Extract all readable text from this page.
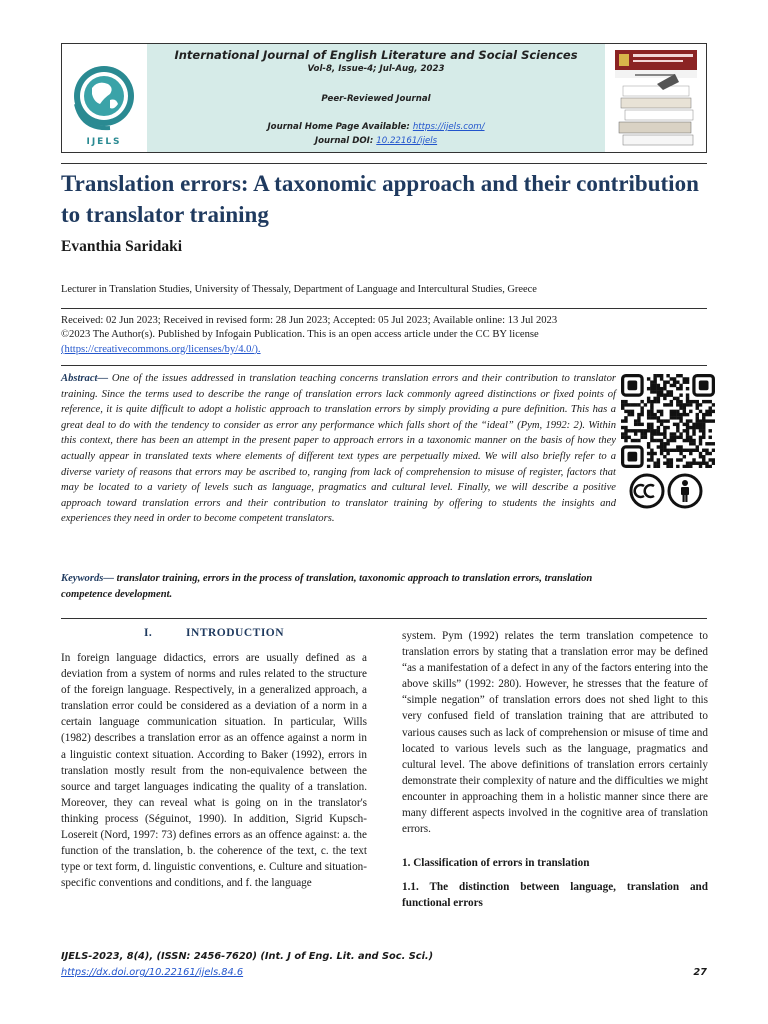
IJELS
International Journal of English Literature and Social Sciences
Vol-8, Issue-4; Jul-Aug, 2023
Peer-Reviewed Journal
Journal Home Page Available: https://ijels.com/
Journal DOI: 10.22161/ijels
Translation errors: A taxonomic approach and their contribution to translator training
Evanthia Saridaki
Lecturer in Translation Studies, University of Thessaly, Department of Language and Intercultural Studies, Greece
Received: 02 Jun 2023; Received in revised form: 28 Jun 2023; Accepted: 05 Jul 2023; Available online: 13 Jul 2023
©2023 The Author(s). Published by Infogain Publication. This is an open access article under the CC BY license
(https://creativecommons.org/licenses/by/4.0/).
Abstract— One of the issues addressed in translation teaching concerns translation errors and their contribution to translator training. Since the terms used to describe the range of translation errors lack commonly agreed distinctions or fixed points of reference, it is quite difficult to adopt a holistic approach to translation errors by simply providing a pure definition. This has a great deal to do with the tendency to consider as error any performance which falls short of the “ideal” (Pym, 1992: 2). Within this context, there has been an attempt in the present paper to approach errors in a taxonomic manner on the basis of how they actually appear in translated texts where elements of different text types are perpetually mixed. We will also briefly refer to a diverse variety of reasons that errors may be ascribed to, ranging from lack of comprehension to misuse of register, factors that may be located to a variety of levels such as language, pragmatics and cultural level. Finally, we will describe a positive approach toward translation errors and their contribution to translator training by offering to students the insights and experiences they need in order to become competent translators.
Keywords— translator training, errors in the process of translation, taxonomic approach to translation errors, translation competence development.
I.          INTRODUCTION
In foreign language didactics, errors are usually defined as a deviation from a system of norms and rules related to the structure of the foreign language. Respectively, in a generalized approach, a translation error could be considered as a deviation of a norm in a certain language communication situation. In particular, Wills (1982) describes a translation error as an offence against a norm in a linguistic context situation. According to Baker (1992), errors in translation mostly result from the non-equivalence between the source and target languages indicating the quality of a translation. Moreover, they can reveal what is going on in the translator's thinking process (Séguinot, 1990). In addition, Sigrid Kupsch-Losereit (Nord, 1997: 73) defines errors as an offence against: a. the function of the translation, b. the coherence of the text, c. the text type or text form, d. linguistic conventions, e. Culture and situation-specific conventions and conditions, and f. the language
system. Pym (1992) relates the term translation competence to translation errors by stating that a translation error may be defined “as a manifestation of a defect in any of the factors entering into the above skills” (1992: 280). However, he stresses that the feature of “simple negation” of translation errors does not shed light to this very confused field of translation training that are attributed to various causes such as lack of comprehension or misuse of time and located to various levels such as the language, pragmatics and cultural level. The above definitions of translation errors certainly demonstrate their complexity of nature and the difficulties we might encounter in approaching them in a holistic manner since there are many different aspects involved in the cognitive area of translation errors.
1. Classification of errors in translation
1.1. The distinction between language, translation and functional errors
IJELS-2023, 8(4), (ISSN: 2456-7620) (Int. J of Eng. Lit. and Soc. Sci.)
https://dx.doi.org/10.22161/ijels.84.6	27
